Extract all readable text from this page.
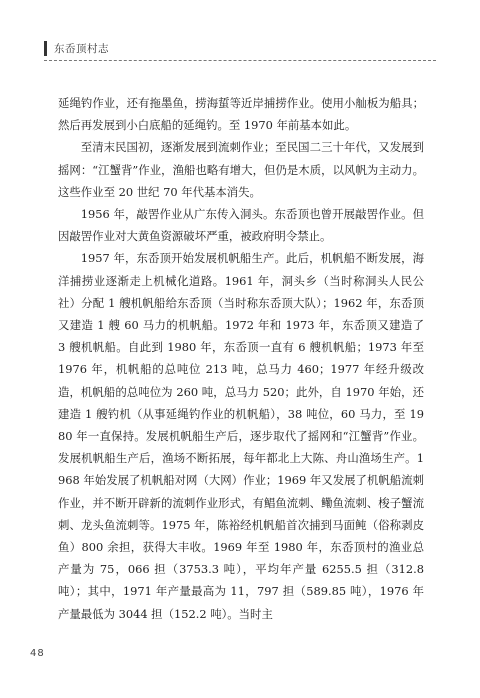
东岙顶村志

延绳钓作业，还有拖墨鱼，捞海蜇等近岸捕捞作业。使用小舢板为船具；然后再发展到小白底船的延绳钓。至 1970 年前基本如此。

至清末民国初，逐渐发展到流刺作业；至民国二三十年代，又发展到摇网：“江蟹背”作业，渔船也略有增大，但仍是木质，以风帆为主动力。这些作业至 20 世纪 70 年代基本消失。

1956 年，敲罟作业从广东传入洞头。东岙顶也曾开展敲罟作业。但因敲罟作业对大黄鱼资源破坏严重，被政府明令禁止。

1957 年，东岙顶开始发展机帆船生产。此后，机帆船不断发展，海洋捕捞业逐渐走上机械化道路。1961 年，洞头乡（当时称洞头人民公社）分配 1 艘机帆船给东岙顶（当时称东岙顶大队）；1962 年，东岙顶又建造 1 艘 60 马力的机帆船。1972 年和 1973 年，东岙顶又建造了 3 艘机帆船。自此到 1980 年，东岙顶一直有 6 艘机帆船；1973 年至 1976 年，机帆船的总吨位 213 吨，总马力 460；1977 年经升级改造，机帆船的总吨位为 260 吨，总马力 520；此外，自 1970 年始，还建造 1 艘钓机（从事延绳钓作业的机帆船），38 吨位，60 马力，至 1980 年一直保持。发展机帆船生产后，逐步取代了摇网和“江蟹背”作业。发展机帆船生产后，渔场不断拓展，每年都北上大陈、舟山渔场生产。1968 年始发展了机帆船对网（大网）作业；1969 年又发展了机帆船流刺作业，并不断开辟新的流刺作业形式，有鲳鱼流刺、鳓鱼流刺、梭子蟹流刺、龙头鱼流刺等。1975 年，陈裕经机帆船首次捕到马面鲀（俗称剥皮鱼）800 余担，获得大丰收。1969 年至 1980 年，东岙顶村的渔业总产量为 75，066 担（3753.3 吨），平均年产量 6255.5 担（312.8 吨）；其中，1971 年产量最高为 11，797 担（589.85 吨），1976 年产量最低为 3044 担（152.2 吨）。当时主

48
